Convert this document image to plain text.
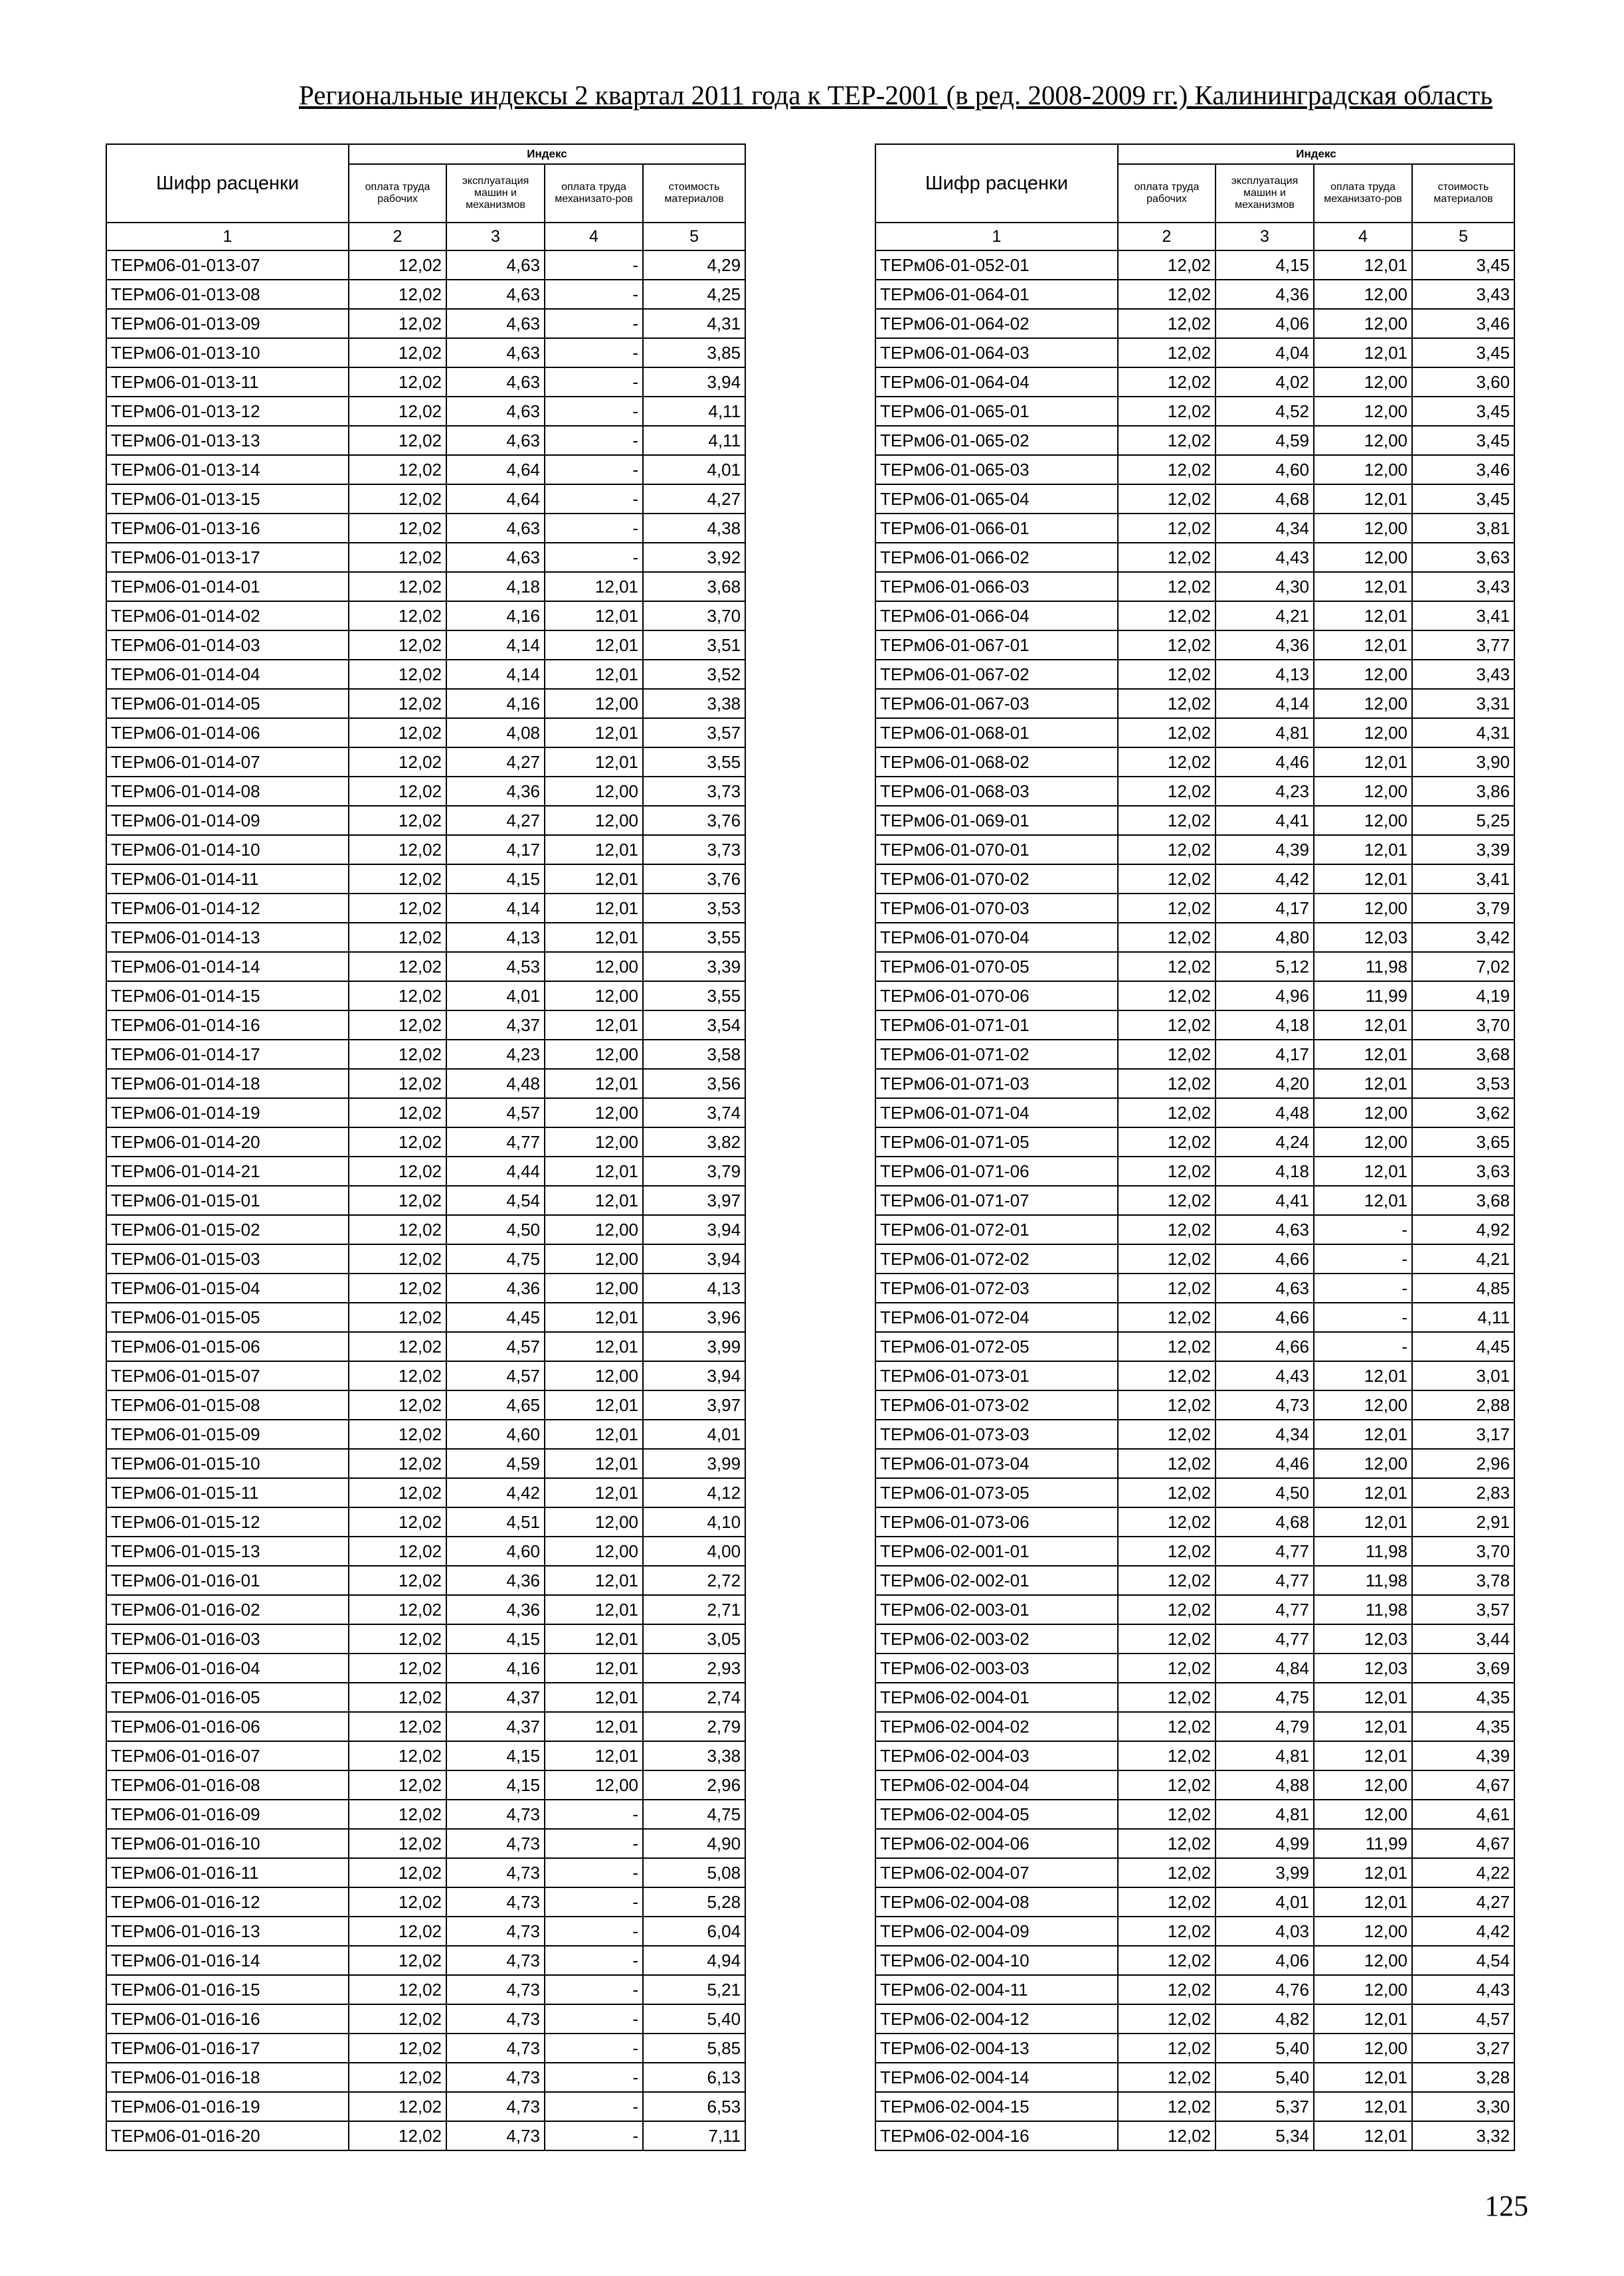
Региональные индексы 2 квартал 2011 года к ТЕР-2001 (в ред. 2008-2009 гг.) Калининградская область
Шифр расценки	Индекс			
	оплата труда рабочих	эксплуатация машин и механизмов	оплата труда механизато-ров	стоимость материалов
1	2	3	4	5
ТЕРм06-01-013-07	12,02	4,63	-	4,29
ТЕРм06-01-013-08	12,02	4,63	-	4,25
ТЕРм06-01-013-09	12,02	4,63	-	4,31
ТЕРм06-01-013-10	12,02	4,63	-	3,85
ТЕРм06-01-013-11	12,02	4,63	-	3,94
ТЕРм06-01-013-12	12,02	4,63	-	4,11
ТЕРм06-01-013-13	12,02	4,63	-	4,11
ТЕРм06-01-013-14	12,02	4,64	-	4,01
ТЕРм06-01-013-15	12,02	4,64	-	4,27
ТЕРм06-01-013-16	12,02	4,63	-	4,38
ТЕРм06-01-013-17	12,02	4,63	-	3,92
ТЕРм06-01-014-01	12,02	4,18	12,01	3,68
ТЕРм06-01-014-02	12,02	4,16	12,01	3,70
ТЕРм06-01-014-03	12,02	4,14	12,01	3,51
ТЕРм06-01-014-04	12,02	4,14	12,01	3,52
ТЕРм06-01-014-05	12,02	4,16	12,00	3,38
ТЕРм06-01-014-06	12,02	4,08	12,01	3,57
ТЕРм06-01-014-07	12,02	4,27	12,01	3,55
ТЕРм06-01-014-08	12,02	4,36	12,00	3,73
ТЕРм06-01-014-09	12,02	4,27	12,00	3,76
ТЕРм06-01-014-10	12,02	4,17	12,01	3,73
ТЕРм06-01-014-11	12,02	4,15	12,01	3,76
ТЕРм06-01-014-12	12,02	4,14	12,01	3,53
ТЕРм06-01-014-13	12,02	4,13	12,01	3,55
ТЕРм06-01-014-14	12,02	4,53	12,00	3,39
ТЕРм06-01-014-15	12,02	4,01	12,00	3,55
ТЕРм06-01-014-16	12,02	4,37	12,01	3,54
ТЕРм06-01-014-17	12,02	4,23	12,00	3,58
ТЕРм06-01-014-18	12,02	4,48	12,01	3,56
ТЕРм06-01-014-19	12,02	4,57	12,00	3,74
ТЕРм06-01-014-20	12,02	4,77	12,00	3,82
ТЕРм06-01-014-21	12,02	4,44	12,01	3,79
ТЕРм06-01-015-01	12,02	4,54	12,01	3,97
ТЕРм06-01-015-02	12,02	4,50	12,00	3,94
ТЕРм06-01-015-03	12,02	4,75	12,00	3,94
ТЕРм06-01-015-04	12,02	4,36	12,00	4,13
ТЕРм06-01-015-05	12,02	4,45	12,01	3,96
ТЕРм06-01-015-06	12,02	4,57	12,01	3,99
ТЕРм06-01-015-07	12,02	4,57	12,00	3,94
ТЕРм06-01-015-08	12,02	4,65	12,01	3,97
ТЕРм06-01-015-09	12,02	4,60	12,01	4,01
ТЕРм06-01-015-10	12,02	4,59	12,01	3,99
ТЕРм06-01-015-11	12,02	4,42	12,01	4,12
ТЕРм06-01-015-12	12,02	4,51	12,00	4,10
ТЕРм06-01-015-13	12,02	4,60	12,00	4,00
ТЕРм06-01-016-01	12,02	4,36	12,01	2,72
ТЕРм06-01-016-02	12,02	4,36	12,01	2,71
ТЕРм06-01-016-03	12,02	4,15	12,01	3,05
ТЕРм06-01-016-04	12,02	4,16	12,01	2,93
ТЕРм06-01-016-05	12,02	4,37	12,01	2,74
ТЕРм06-01-016-06	12,02	4,37	12,01	2,79
ТЕРм06-01-016-07	12,02	4,15	12,01	3,38
ТЕРм06-01-016-08	12,02	4,15	12,00	2,96
ТЕРм06-01-016-09	12,02	4,73	-	4,75
ТЕРм06-01-016-10	12,02	4,73	-	4,90
ТЕРм06-01-016-11	12,02	4,73	-	5,08
ТЕРм06-01-016-12	12,02	4,73	-	5,28
ТЕРм06-01-016-13	12,02	4,73	-	6,04
ТЕРм06-01-016-14	12,02	4,73	-	4,94
ТЕРм06-01-016-15	12,02	4,73	-	5,21
ТЕРм06-01-016-16	12,02	4,73	-	5,40
ТЕРм06-01-016-17	12,02	4,73	-	5,85
ТЕРм06-01-016-18	12,02	4,73	-	6,13
ТЕРм06-01-016-19	12,02	4,73	-	6,53
ТЕРм06-01-016-20	12,02	4,73	-	7,11
Шифр расценки	Индекс			
	оплата труда рабочих	эксплуатация машин и механизмов	оплата труда механизато-ров	стоимость материалов
1	2	3	4	5
ТЕРм06-01-052-01	12,02	4,15	12,01	3,45
ТЕРм06-01-064-01	12,02	4,36	12,00	3,43
ТЕРм06-01-064-02	12,02	4,06	12,00	3,46
ТЕРм06-01-064-03	12,02	4,04	12,01	3,45
ТЕРм06-01-064-04	12,02	4,02	12,00	3,60
ТЕРм06-01-065-01	12,02	4,52	12,00	3,45
ТЕРм06-01-065-02	12,02	4,59	12,00	3,45
ТЕРм06-01-065-03	12,02	4,60	12,00	3,46
ТЕРм06-01-065-04	12,02	4,68	12,01	3,45
ТЕРм06-01-066-01	12,02	4,34	12,00	3,81
ТЕРм06-01-066-02	12,02	4,43	12,00	3,63
ТЕРм06-01-066-03	12,02	4,30	12,01	3,43
ТЕРм06-01-066-04	12,02	4,21	12,01	3,41
ТЕРм06-01-067-01	12,02	4,36	12,01	3,77
ТЕРм06-01-067-02	12,02	4,13	12,00	3,43
ТЕРм06-01-067-03	12,02	4,14	12,00	3,31
ТЕРм06-01-068-01	12,02	4,81	12,00	4,31
ТЕРм06-01-068-02	12,02	4,46	12,01	3,90
ТЕРм06-01-068-03	12,02	4,23	12,00	3,86
ТЕРм06-01-069-01	12,02	4,41	12,00	5,25
ТЕРм06-01-070-01	12,02	4,39	12,01	3,39
ТЕРм06-01-070-02	12,02	4,42	12,01	3,41
ТЕРм06-01-070-03	12,02	4,17	12,00	3,79
ТЕРм06-01-070-04	12,02	4,80	12,03	3,42
ТЕРм06-01-070-05	12,02	5,12	11,98	7,02
ТЕРм06-01-070-06	12,02	4,96	11,99	4,19
ТЕРм06-01-071-01	12,02	4,18	12,01	3,70
ТЕРм06-01-071-02	12,02	4,17	12,01	3,68
ТЕРм06-01-071-03	12,02	4,20	12,01	3,53
ТЕРм06-01-071-04	12,02	4,48	12,00	3,62
ТЕРм06-01-071-05	12,02	4,24	12,00	3,65
ТЕРм06-01-071-06	12,02	4,18	12,01	3,63
ТЕРм06-01-071-07	12,02	4,41	12,01	3,68
ТЕРм06-01-072-01	12,02	4,63	-	4,92
ТЕРм06-01-072-02	12,02	4,66	-	4,21
ТЕРм06-01-072-03	12,02	4,63	-	4,85
ТЕРм06-01-072-04	12,02	4,66	-	4,11
ТЕРм06-01-072-05	12,02	4,66	-	4,45
ТЕРм06-01-073-01	12,02	4,43	12,01	3,01
ТЕРм06-01-073-02	12,02	4,73	12,00	2,88
ТЕРм06-01-073-03	12,02	4,34	12,01	3,17
ТЕРм06-01-073-04	12,02	4,46	12,00	2,96
ТЕРм06-01-073-05	12,02	4,50	12,01	2,83
ТЕРм06-01-073-06	12,02	4,68	12,01	2,91
ТЕРм06-02-001-01	12,02	4,77	11,98	3,70
ТЕРм06-02-002-01	12,02	4,77	11,98	3,78
ТЕРм06-02-003-01	12,02	4,77	11,98	3,57
ТЕРм06-02-003-02	12,02	4,77	12,03	3,44
ТЕРм06-02-003-03	12,02	4,84	12,03	3,69
ТЕРм06-02-004-01	12,02	4,75	12,01	4,35
ТЕРм06-02-004-02	12,02	4,79	12,01	4,35
ТЕРм06-02-004-03	12,02	4,81	12,01	4,39
ТЕРм06-02-004-04	12,02	4,88	12,00	4,67
ТЕРм06-02-004-05	12,02	4,81	12,00	4,61
ТЕРм06-02-004-06	12,02	4,99	11,99	4,67
ТЕРм06-02-004-07	12,02	3,99	12,01	4,22
ТЕРм06-02-004-08	12,02	4,01	12,01	4,27
ТЕРм06-02-004-09	12,02	4,03	12,00	4,42
ТЕРм06-02-004-10	12,02	4,06	12,00	4,54
ТЕРм06-02-004-11	12,02	4,76	12,00	4,43
ТЕРм06-02-004-12	12,02	4,82	12,01	4,57
ТЕРм06-02-004-13	12,02	5,40	12,00	3,27
ТЕРм06-02-004-14	12,02	5,40	12,01	3,28
ТЕРм06-02-004-15	12,02	5,37	12,01	3,30
ТЕРм06-02-004-16	12,02	5,34	12,01	3,32
125
